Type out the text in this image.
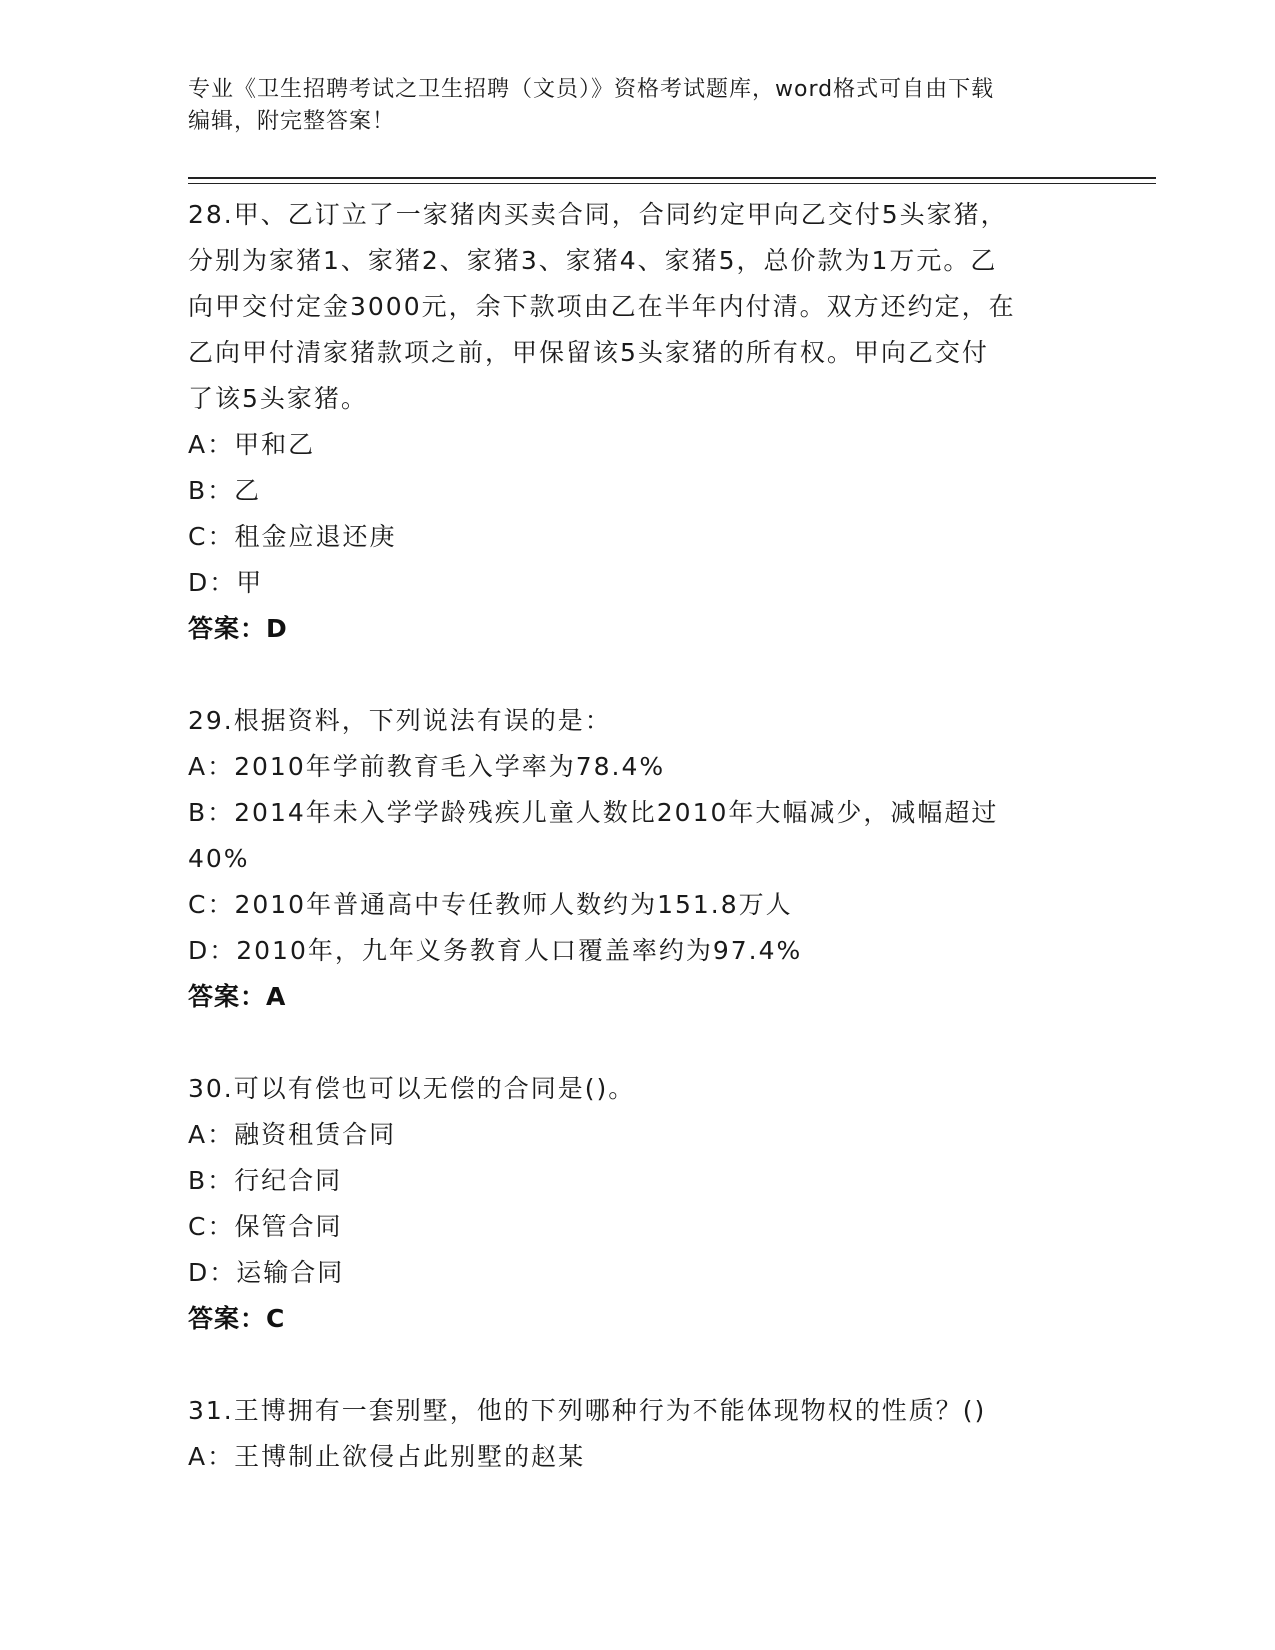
专业《卫生招聘考试之卫生招聘（文员）》资格考试题库，word格式可自由下载
编辑，附完整答案！
28.甲、乙订立了一家猪肉买卖合同，合同约定甲向乙交付5头家猪，
分别为家猪1、家猪2、家猪3、家猪4、家猪5，总价款为1万元。乙
向甲交付定金3000元，余下款项由乙在半年内付清。双方还约定，在
乙向甲付清家猪款项之前，甲保留该5头家猪的所有权。甲向乙交付
了该5头家猪。
A：甲和乙
B：乙
C：租金应退还庚
D：甲
答案：D
29.根据资料，下列说法有误的是：
A：2010年学前教育毛入学率为78.4%
B：2014年未入学学龄残疾儿童人数比2010年大幅减少，减幅超过
40%
C：2010年普通高中专任教师人数约为151.8万人
D：2010年，九年义务教育人口覆盖率约为97.4%
答案：A
30.可以有偿也可以无偿的合同是()。
A：融资租赁合同
B：行纪合同
C：保管合同
D：运输合同
答案：C
31.王博拥有一套别墅，他的下列哪种行为不能体现物权的性质？()
A：王博制止欲侵占此别墅的赵某
